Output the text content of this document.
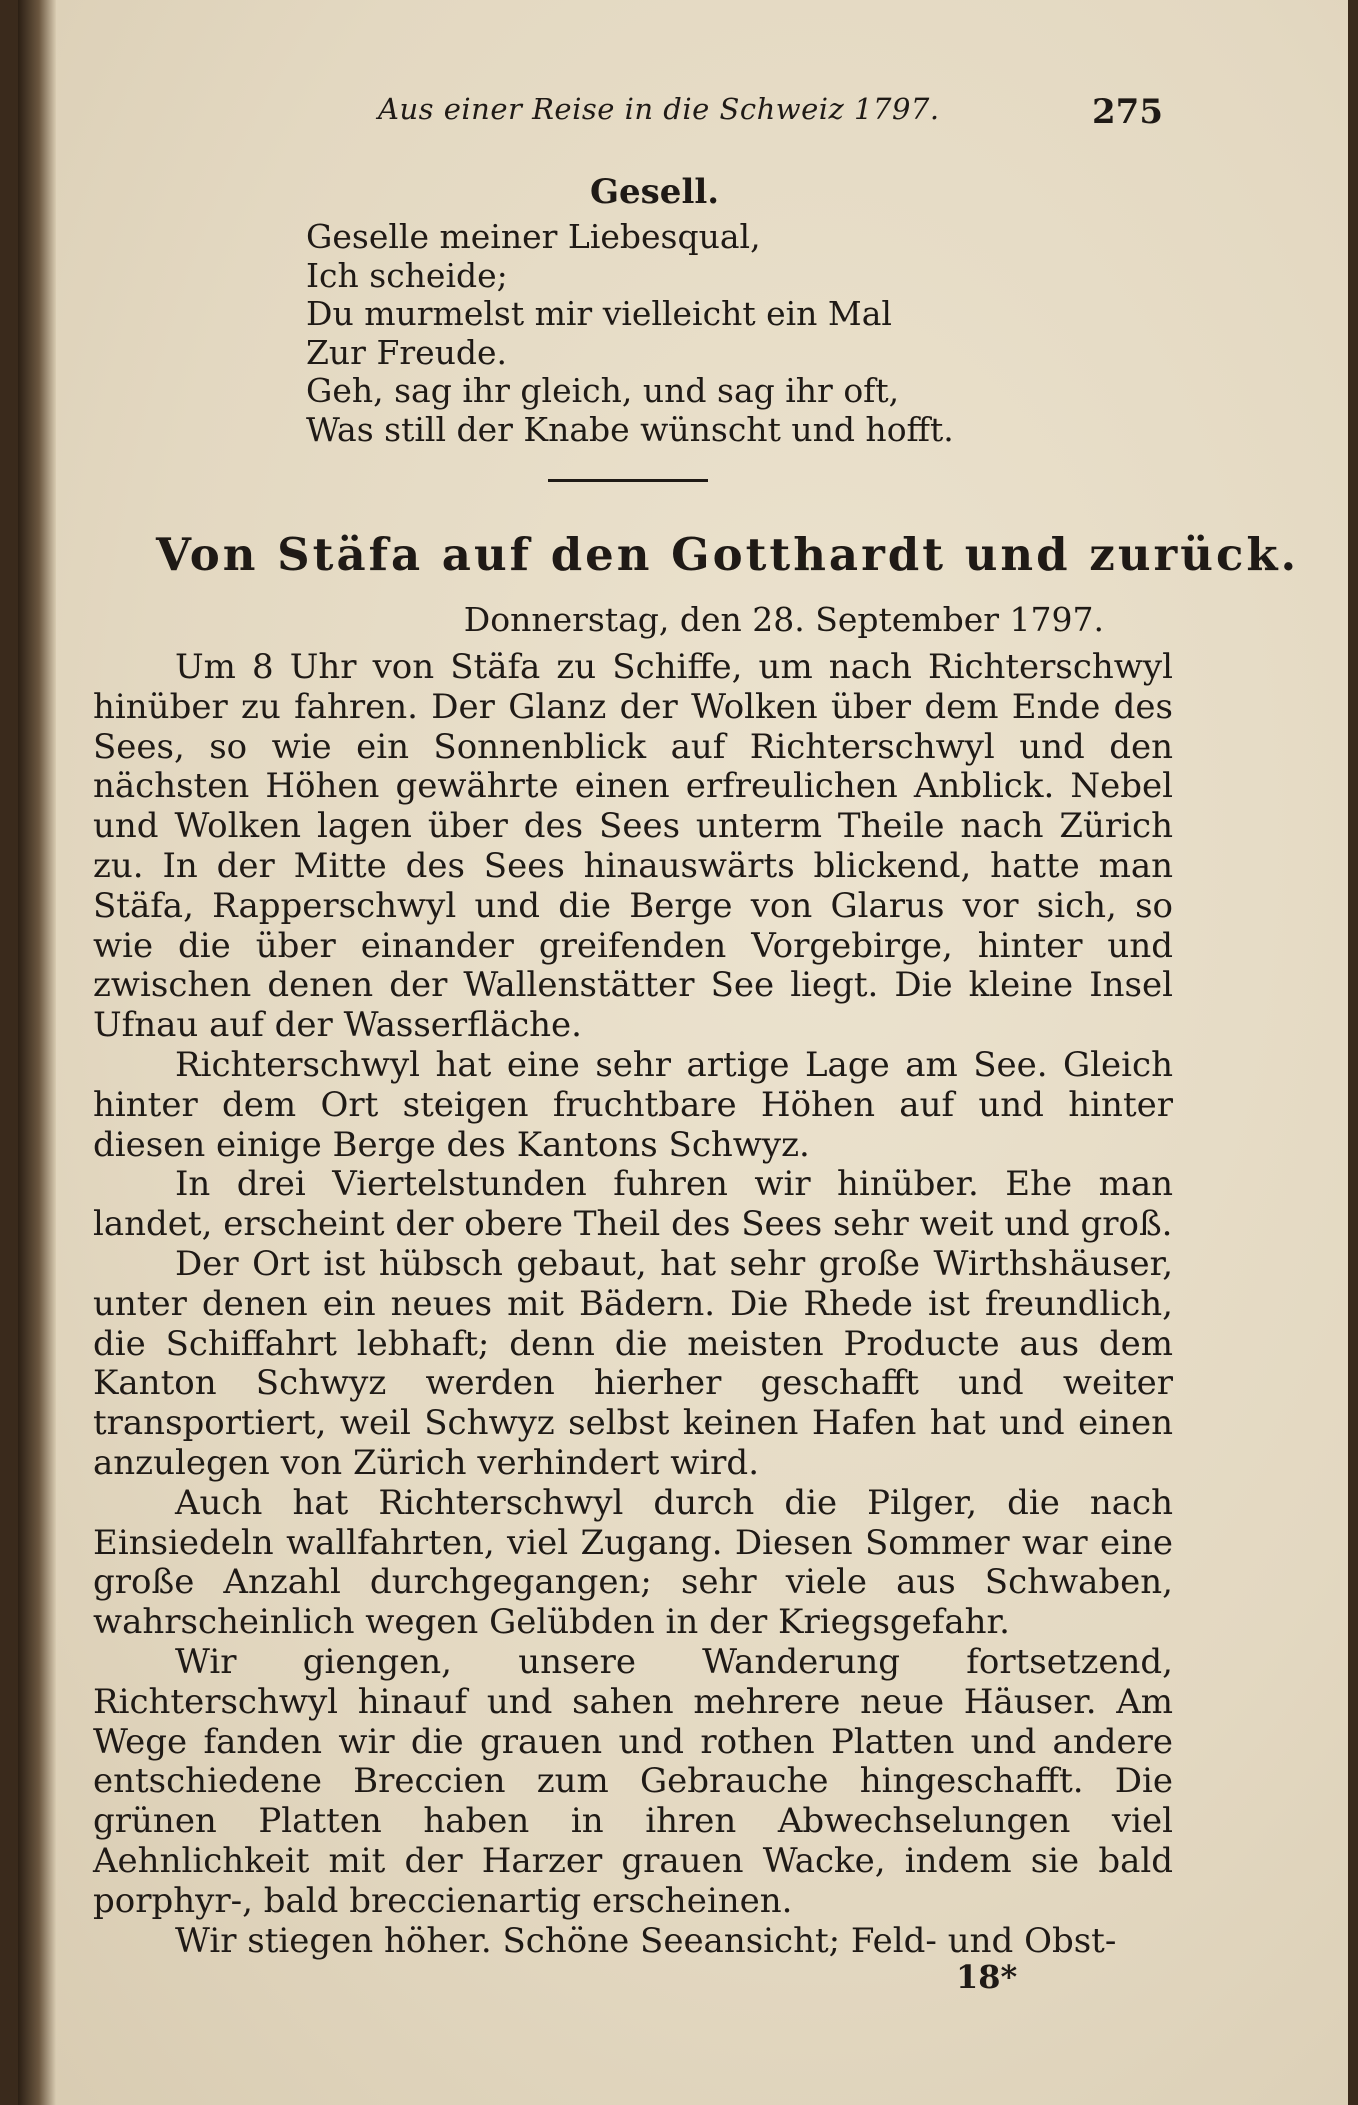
Aus einer Reise in die Schweiz 1797.	275
Gesell.
Geselle meiner Liebesqual,
Ich scheide;
Du murmelst mir vielleicht ein Mal
Zur Freude.
Geh, sag ihr gleich, und sag ihr oft,
Was still der Knabe wünscht und hofft.
Von Stäfa auf den Gotthardt und zurück.
Donnerstag, den 28. September 1797.

Um 8 Uhr von Stäfa zu Schiffe, um nach Richterschwyl hinüber zu fahren. Der Glanz der Wolken über dem Ende des Sees, so wie ein Sonnenblick auf Richterschwyl und den nächsten Höhen gewährte einen erfreulichen Anblick. Nebel und Wolken lagen über des Sees unterm Theile nach Zürich zu. In der Mitte des Sees hinauswärts blickend, hatte man Stäfa, Rapperschwyl und die Berge von Glarus vor sich, so wie die über einander greifenden Vorgebirge, hinter und zwischen denen der Wallenstätter See liegt. Die kleine Insel Ufnau auf der Wasserfläche.

Richterschwyl hat eine sehr artige Lage am See. Gleich hinter dem Ort steigen fruchtbare Höhen auf und hinter diesen einige Berge des Kantons Schwyz.

In drei Viertelstunden fuhren wir hinüber. Ehe man landet, erscheint der obere Theil des Sees sehr weit und groß.

Der Ort ist hübsch gebaut, hat sehr große Wirthshäuser, unter denen ein neues mit Bädern. Die Rhede ist freundlich, die Schiffahrt lebhaft; denn die meisten Producte aus dem Kanton Schwyz werden hierher geschafft und weiter transportiert, weil Schwyz selbst keinen Hafen hat und einen anzulegen von Zürich verhindert wird.

Auch hat Richterschwyl durch die Pilger, die nach Einsiedeln wallfahrten, viel Zugang. Diesen Sommer war eine große Anzahl durchgegangen; sehr viele aus Schwaben, wahrscheinlich wegen Gelübden in der Kriegsgefahr.

Wir giengen, unsere Wanderung fortsetzend, Richterschwyl hinauf und sahen mehrere neue Häuser. Am Wege fanden wir die grauen und rothen Platten und andere entschiedene Breccien zum Gebrauche hingeschafft. Die grünen Platten haben in ihren Abwechselungen viel Aehnlichkeit mit der Harzer grauen Wacke, indem sie bald porphyr-, bald breccienartig erscheinen.

Wir stiegen höher. Schöne Seeansicht; Feld- und Obst-

18*
